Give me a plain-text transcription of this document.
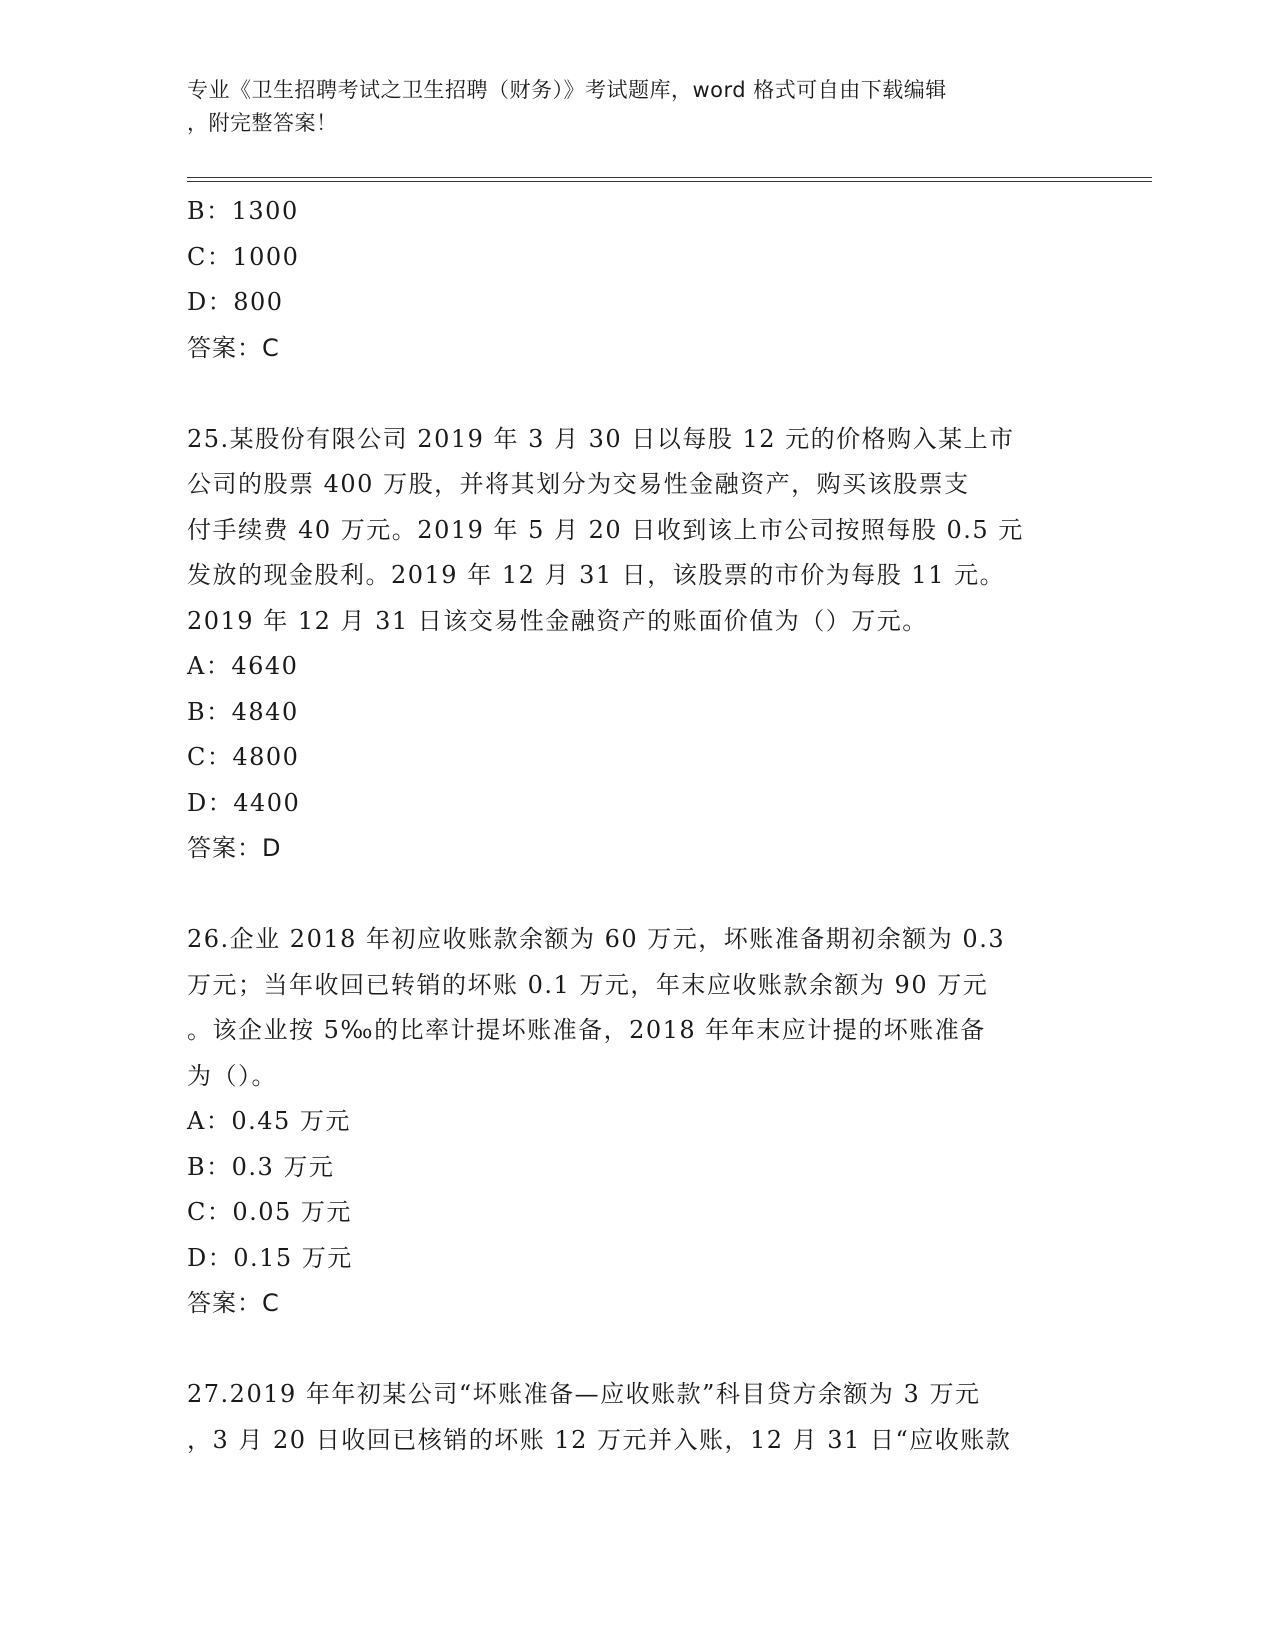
专业《卫生招聘考试之卫生招聘（财务）》考试题库，word 格式可自由下载编辑
，附完整答案！
B：1300
C：1000
D：800
答案：C
25.某股份有限公司 2019 年 3 月 30 日以每股 12 元的价格购入某上市
公司的股票 400 万股，并将其划分为交易性金融资产，购买该股票支
付手续费 40 万元。2019 年 5 月 20 日收到该上市公司按照每股 0.5 元
发放的现金股利。2019 年 12 月 31 日，该股票的市价为每股 11 元。
2019 年 12 月 31 日该交易性金融资产的账面价值为（）万元。
A：4640
B：4840
C：4800
D：4400
答案：D
26.企业 2018 年初应收账款余额为 60 万元，坏账准备期初余额为 0.3
万元；当年收回已转销的坏账 0.1 万元，年末应收账款余额为 90 万元
。该企业按 5‰的比率计提坏账准备，2018 年年末应计提的坏账准备
为（）。
A：0.45 万元
B：0.3 万元
C：0.05 万元
D：0.15 万元
答案：C
27.2019 年年初某公司“坏账准备—应收账款”科目贷方余额为 3 万元
，3 月 20 日收回已核销的坏账 12 万元并入账，12 月 31 日“应收账款
